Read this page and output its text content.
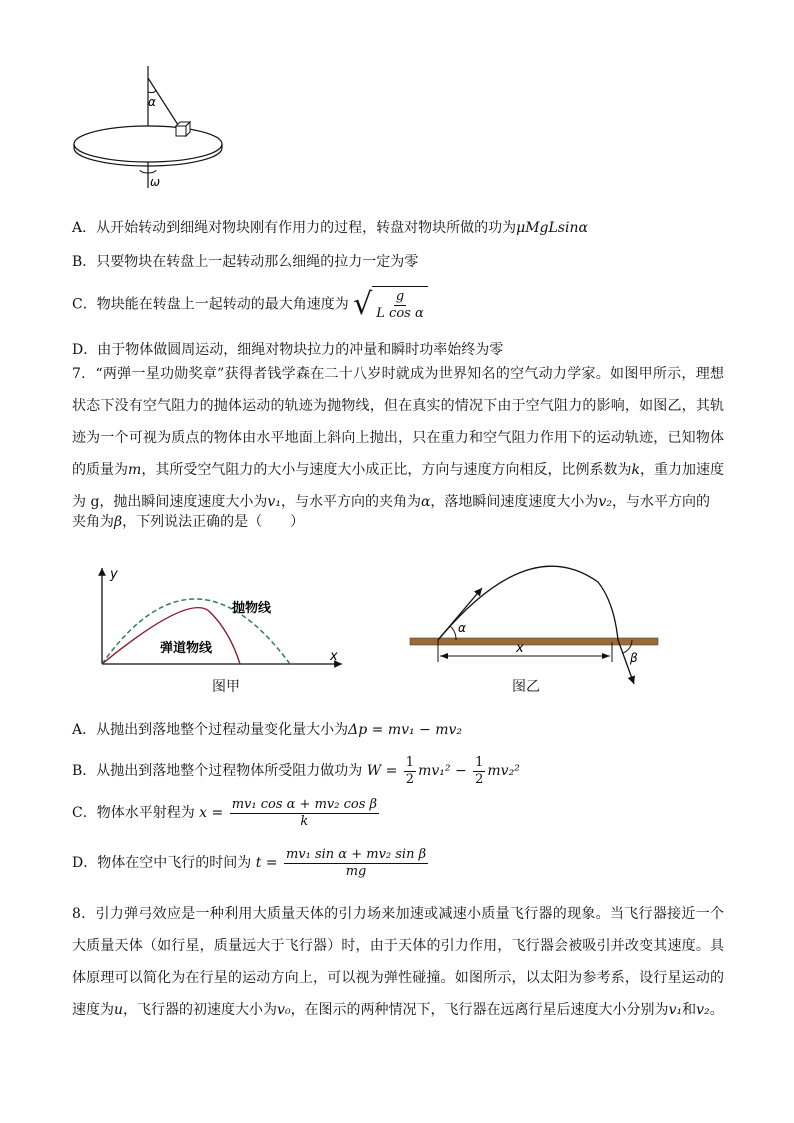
α
ω
A．从开始转动到细绳对物块刚有作用力的过程，转盘对物块所做的功为μMgLsinα
B．只要物块在转盘上一起转动那么细绳的拉力一定为零
C．物块能在转盘上一起转动的最大角速度为 √ $\frac{g}{\text{L cos α}}$
D．由于物体做圆周运动，细绳对物块拉力的冲量和瞬时功率始终为零
7．“两弹一星功勋奖章”获得者钱学森在二十八岁时就成为世界知名的空气动力学家。如图甲所示，理想状态下没有空气阻力的抛体运动的轨迹为抛物线，但在真实的情况下由于空气阻力的影响，如图乙，其轨迹为一个可视为质点的物体由水平地面上斜向上抛出，只在重力和空气阻力作用下的运动轨迹，已知物体的质量为m，其所受空气阻力的大小与速度大小成正比，方向与速度方向相反，比例系数为k，重力加速度为 g，抛出瞬间速度速度大小为v₁，与水平方向的夹角为α，落地瞬间速度速度大小为v₂，与水平方向的
夹角为β，下列说法正确的是（　　）
y
x
抛物线
弹道物线
图甲
α
β
x
图乙
A．从抛出到落地整个过程动量变化量大小为Δp = mv₁ − mv₂
B．从抛出到落地整个过程物体所受阻力做功为 $W = \frac{1}{2} mv_1^2 - \frac{1}{2} mv_2^2$
C．物体水平射程为 $x = \frac{\text{mv₁ cos α + mv₂ cos β}}{k}$
D．物体在空中飞行的时间为 $t = \frac{\text{mv₁ sin α + mv₂ sin β}}{mg}$
8．引力弹弓效应是一种利用大质量天体的引力场来加速或减速小质量飞行器的现象。当飞行器接近一个大质量天体（如行星，质量远大于飞行器）时，由于天体的引力作用，飞行器会被吸引并改变其速度。具体原理可以简化为在行星的运动方向上，可以视为弹性碰撞。如图所示，以太阳为参考系，设行星运动的速度为u，飞行器的初速度大小为v₀，在图示的两种情况下，飞行器在远离行星后速度大小分别为v₁和v₂。
